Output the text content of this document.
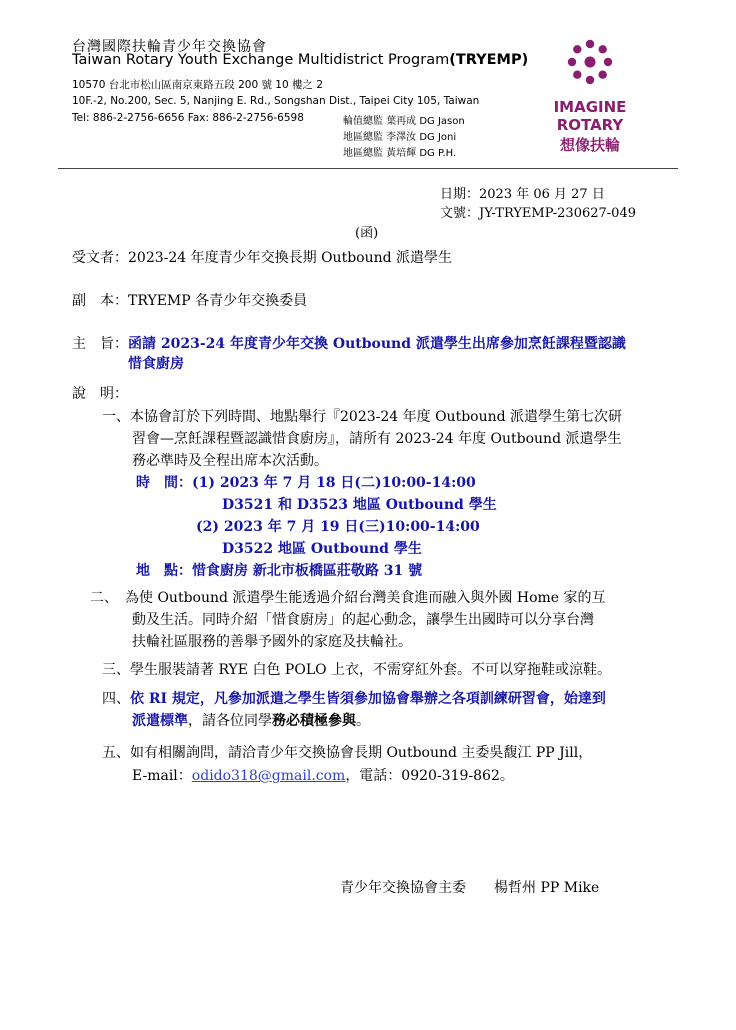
台灣國際扶輪青少年交換協會
Taiwan Rotary Youth Exchange Multidistrict Program(TRYEMP)
10570 台北市松山區南京東路五段 200 號 10 樓之 2
10F.-2, No.200, Sec. 5, Nanjing E. Rd., Songshan Dist., Taipei City 105, Taiwan
Tel: 886-2-2756-6656 Fax: 886-2-2756-6598	輪值總監 葉再成 DG Jason
地區總監 李澤汝 DG Joni
地區總監 黃培輝 DG P.H.
IMAGINE
ROTARY
想像扶輪
日期：2023 年 06 月 27 日
文號：JY-TRYEMP-230627-049
(函)
受文者：2023-24 年度青少年交換長期 Outbound 派遣學生
副　本：TRYEMP 各青少年交換委員
主　旨： 函請 2023-24 年度青少年交換 Outbound 派遣學生出席參加烹飪課程暨認識
惜食廚房
說　明：
一、本協會訂於下列時間、地點舉行『2023-24 年度 Outbound 派遣學生第七次研
習會—烹飪課程暨認識惜食廚房』，請所有 2023-24 年度 Outbound 派遣學生
務必準時及全程出席本次活動。
時　間：(1) 2023 年 7 月 18 日(二)10:00-14:00
D3521 和 D3523 地區 Outbound 學生
(2) 2023 年 7 月 19 日(三)10:00-14:00
D3522 地區 Outbound 學生
地　點：惜食廚房 新北市板橋區莊敬路 31 號
二、　為使 Outbound 派遣學生能透過介紹台灣美食進而融入與外國 Home 家的互
動及生活。同時介紹「惜食廚房」的起心動念，讓學生出國時可以分享台灣
扶輪社區服務的善舉予國外的家庭及扶輪社。
三、學生服裝請著 RYE 白色 POLO 上衣，不需穿紅外套。不可以穿拖鞋或涼鞋。
四、依 RI 規定，凡參加派遣之學生皆須參加協會舉辦之各項訓練研習會，始達到
派遣標準，請各位同學務必積極參與。
五、如有相關詢問，請洽青少年交換協會長期 Outbound 主委吳馥江 PP Jill，
E-mail：odido318@gmail.com，電話：0920-319-862。
青少年交換協會主委　　楊哲州 PP Mike
